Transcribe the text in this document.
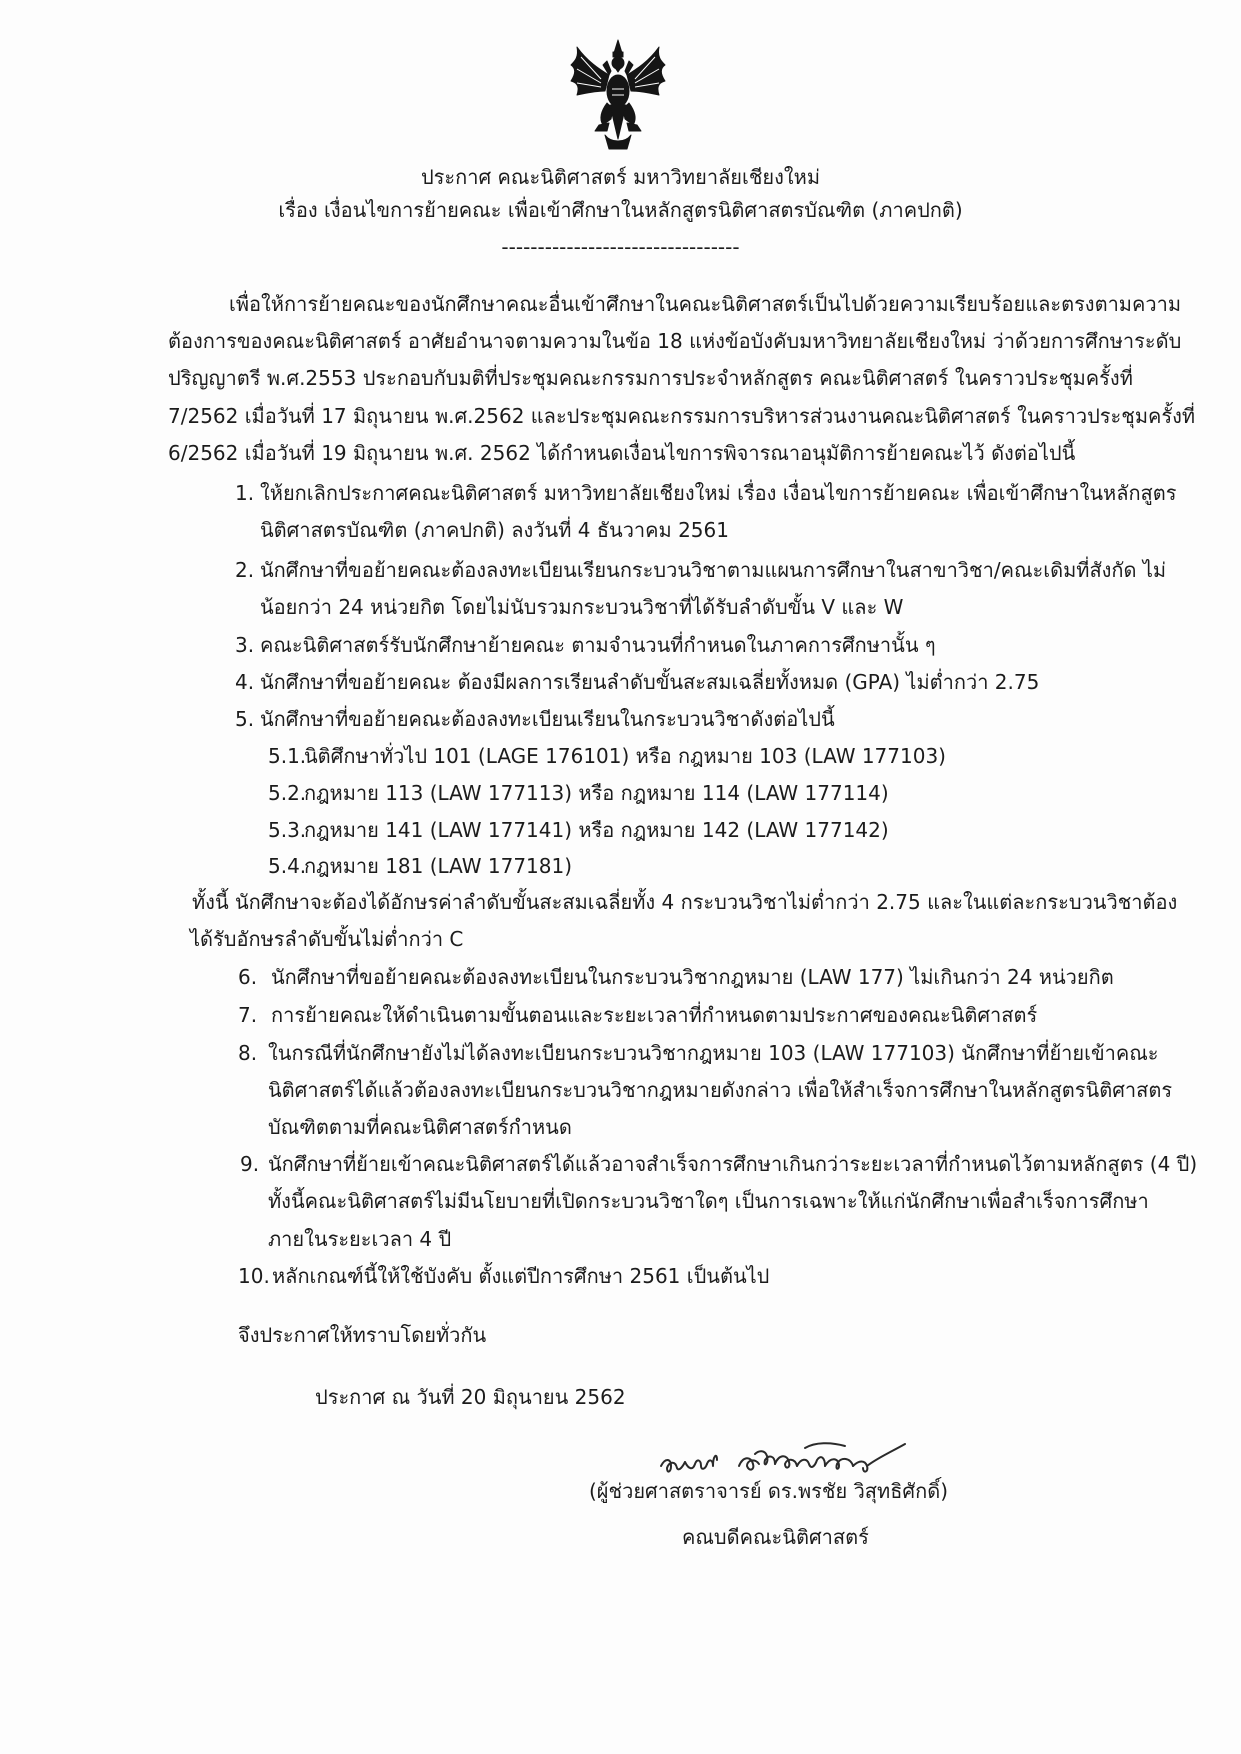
ประกาศ คณะนิติศาสตร์ มหาวิทยาลัยเชียงใหม่
เรื่อง เงื่อนไขการย้ายคณะ เพื่อเข้าศึกษาในหลักสูตรนิติศาสตรบัณฑิต (ภาคปกติ)
---------------------------------
เพื่อให้การย้ายคณะของนักศึกษาคณะอื่นเข้าศึกษาในคณะนิติศาสตร์เป็นไปด้วยความเรียบร้อยและตรงตามความ
ต้องการของคณะนิติศาสตร์ อาศัยอำนาจตามความในข้อ 18 แห่งข้อบังคับมหาวิทยาลัยเชียงใหม่ ว่าด้วยการศึกษาระดับ
ปริญญาตรี พ.ศ.2553 ประกอบกับมติที่ประชุมคณะกรรมการประจำหลักสูตร คณะนิติศาสตร์ ในคราวประชุมครั้งที่
7/2562 เมื่อวันที่ 17 มิถุนายน พ.ศ.2562 และประชุมคณะกรรมการบริหารส่วนงานคณะนิติศาสตร์ ในคราวประชุมครั้งที่
6/2562 เมื่อวันที่ 19 มิถุนายน พ.ศ. 2562 ได้กำหนดเงื่อนไขการพิจารณาอนุมัติการย้ายคณะไว้ ดังต่อไปนี้
1. ให้ยกเลิกประกาศคณะนิติศาสตร์ มหาวิทยาลัยเชียงใหม่ เรื่อง เงื่อนไขการย้ายคณะ เพื่อเข้าศึกษาในหลักสูตร
นิติศาสตรบัณฑิต (ภาคปกติ) ลงวันที่ 4 ธันวาคม 2561
2. นักศึกษาที่ขอย้ายคณะต้องลงทะเบียนเรียนกระบวนวิชาตามแผนการศึกษาในสาขาวิชา/คณะเดิมที่สังกัด ไม่
น้อยกว่า 24 หน่วยกิต โดยไม่นับรวมกระบวนวิชาที่ได้รับลำดับขั้น V และ W
3. คณะนิติศาสตร์รับนักศึกษาย้ายคณะ ตามจำนวนที่กำหนดในภาคการศึกษานั้น ๆ
4. นักศึกษาที่ขอย้ายคณะ ต้องมีผลการเรียนลำดับขั้นสะสมเฉลี่ยทั้งหมด (GPA) ไม่ต่ำกว่า 2.75
5. นักศึกษาที่ขอย้ายคณะต้องลงทะเบียนเรียนในกระบวนวิชาดังต่อไปนี้
5.1.
นิติศึกษาทั่วไป 101 (LAGE 176101) หรือ กฎหมาย 103 (LAW 177103)
5.2.
กฎหมาย 113 (LAW 177113) หรือ กฎหมาย 114 (LAW 177114)
5.3.
กฎหมาย 141 (LAW 177141) หรือ กฎหมาย 142 (LAW 177142)
5.4.
กฎหมาย 181 (LAW 177181)
ทั้งนี้ นักศึกษาจะต้องได้อักษรค่าลำดับขั้นสะสมเฉลี่ยทั้ง 4 กระบวนวิชาไม่ต่ำกว่า 2.75 และในแต่ละกระบวนวิชาต้อง
ได้รับอักษรลำดับขั้นไม่ต่ำกว่า C
6. นักศึกษาที่ขอย้ายคณะต้องลงทะเบียนในกระบวนวิชากฎหมาย (LAW 177) ไม่เกินกว่า 24 หน่วยกิต
7. การย้ายคณะให้ดำเนินตามขั้นตอนและระยะเวลาที่กำหนดตามประกาศของคณะนิติศาสตร์
8. ในกรณีที่นักศึกษายังไม่ได้ลงทะเบียนกระบวนวิชากฎหมาย 103 (LAW 177103) นักศึกษาที่ย้ายเข้าคณะ
นิติศาสตร์ได้แล้วต้องลงทะเบียนกระบวนวิชากฎหมายดังกล่าว เพื่อให้สำเร็จการศึกษาในหลักสูตรนิติศาสตร
บัณฑิตตามที่คณะนิติศาสตร์กำหนด
9. นักศึกษาที่ย้ายเข้าคณะนิติศาสตร์ได้แล้วอาจสำเร็จการศึกษาเกินกว่าระยะเวลาที่กำหนดไว้ตามหลักสูตร (4 ปี)
ทั้งนี้คณะนิติศาสตร์ไม่มีนโยบายที่เปิดกระบวนวิชาใดๆ เป็นการเฉพาะให้แก่นักศึกษาเพื่อสำเร็จการศึกษา
ภายในระยะเวลา 4 ปี
10. หลักเกณฑ์นี้ให้ใช้บังคับ ตั้งแต่ปีการศึกษา 2561 เป็นต้นไป
จึงประกาศให้ทราบโดยทั่วกัน
ประกาศ ณ วันที่ 20 มิถุนายน 2562
(ผู้ช่วยศาสตราจารย์ ดร.พรชัย วิสุทธิศักดิ์)
คณบดีคณะนิติศาสตร์
